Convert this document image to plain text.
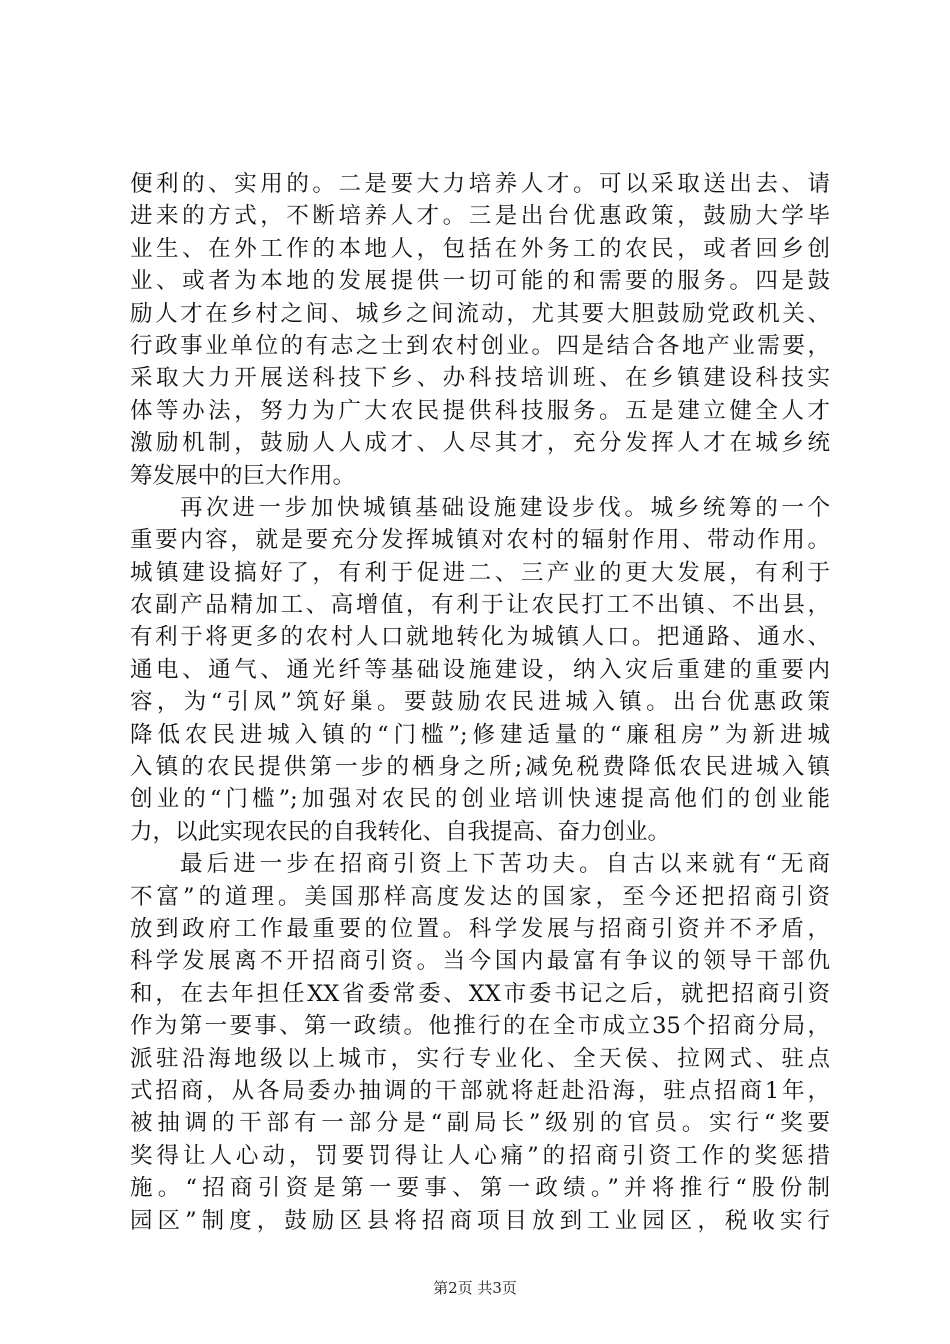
便利的、实用的。二是要大力培养人才。可以采取送出去、请
进来的方式，不断培养人才。三是出台优惠政策，鼓励大学毕
业生、在外工作的本地人，包括在外务工的农民，或者回乡创
业、或者为本地的发展提供一切可能的和需要的服务。四是鼓
励人才在乡村之间、城乡之间流动，尤其要大胆鼓励党政机关、
行政事业单位的有志之士到农村创业。四是结合各地产业需要，
采取大力开展送科技下乡、办科技培训班、在乡镇建设科技实
体等办法，努力为广大农民提供科技服务。五是建立健全人才
激励机制，鼓励人人成才、人尽其才，充分发挥人才在城乡统
筹发展中的巨大作用。
再次进一步加快城镇基础设施建设步伐。城乡统筹的一个
重要内容，就是要充分发挥城镇对农村的辐射作用、带动作用。
城镇建设搞好了，有利于促进二、三产业的更大发展，有利于
农副产品精加工、高增值，有利于让农民打工不出镇、不出县，
有利于将更多的农村人口就地转化为城镇人口。把通路、通水、
通电、通气、通光纤等基础设施建设，纳入灾后重建的重要内
容，为“引凤”筑好巢。要鼓励农民进城入镇。出台优惠政策
降低农民进城入镇的“门槛”;修建适量的“廉租房”为新进城
入镇的农民提供第一步的栖身之所;减免税费降低农民进城入镇
创业的“门槛”;加强对农民的创业培训快速提高他们的创业能
力，以此实现农民的自我转化、自我提高、奋力创业。
最后进一步在招商引资上下苦功夫。自古以来就有“无商
不富”的道理。美国那样高度发达的国家，至今还把招商引资
放到政府工作最重要的位置。科学发展与招商引资并不矛盾，
科学发展离不开招商引资。当今国内最富有争议的领导干部仇
和，在去年担任XX省委常委、XX市委书记之后，就把招商引资
作为第一要事、第一政绩。他推行的在全市成立35个招商分局，
派驻沿海地级以上城市，实行专业化、全天侯、拉网式、驻点
式招商，从各局委办抽调的干部就将赶赴沿海，驻点招商1年，
被抽调的干部有一部分是“副局长”级别的官员。实行“奖要
奖得让人心动，罚要罚得让人心痛”的招商引资工作的奖惩措
施。“招商引资是第一要事、第一政绩。”并将推行“股份制
园区”制度，鼓励区县将招商项目放到工业园区，税收实行
第2页 共3页
